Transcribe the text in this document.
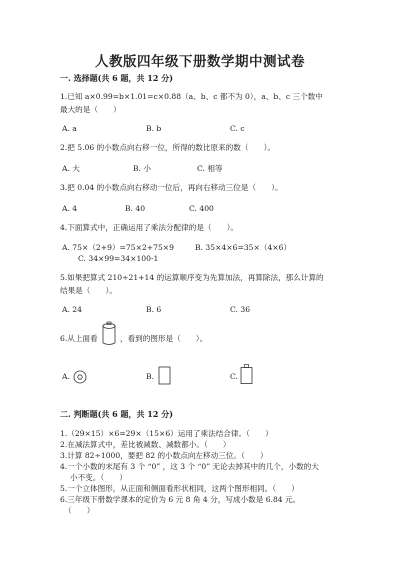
人教版四年级下册数学期中测试卷
一. 选择题(共 6 题，共 12 分)
1.已知 a×0.99=b×1.01=c×0.88（a、b、c 都不为 0），a、b、c 三个数中
最大的是（　　）
A. a	B. b	C. c
2.把 5.06 的小数点向右移一位，所得的数比原来的数（　　）。
A. 大	B. 小	C. 相等
3.把 0.04 的小数点向右移动一位后，再向右移动三位是（　　）。
A. 4	B. 40	C. 400
4.下面算式中，正确运用了乘法分配律的是（　　）。
A. 75×（2+9）=75×2+75×9	B. 35×4×6=35×（4×6）
C. 34×99=34×100-1
5.如果把算式 210÷21+14 的运算顺序变为先算加法，再算除法，那么计算的
结果是（　　）。
A. 24	B. 6	C. 36
6.从上面看	，看到的图形是（　　）。
A.	B.	C.
二. 判断题(共 6 题，共 12 分)
1.（29×15）×6=29×（15×6）运用了乘法结合律。（　　）
2.在减法算式中，差比被减数、减数都小。（　　）
3.计算 82÷1000，要把 82 的小数点向左移动三位。（　　）
4.一个小数的末尾有 3 个 “0” ，这 3 个 “0” 无论去掉其中的几个，小数的大
小不变。（　　）
5.一个立体图形，从正面和侧面看形状相同，这两个图形相同。（　　）
6.三年级下册数学课本的定价为 6 元 8 角 4 分，写成小数是 6.84 元。
（　　）
